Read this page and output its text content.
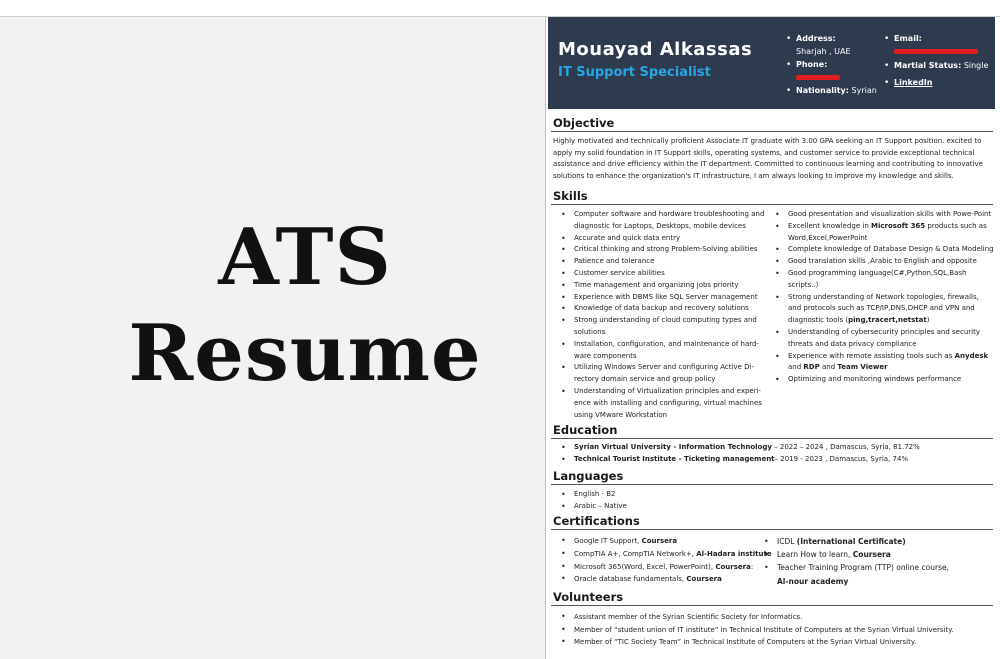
ATS
Resume
Mouayad Alkassas
IT Support Specialist
• Address:
Sharjah , UAE
• Phone:
• Nationality: Syrian
• Email:
• Martial Status: Single
• LinkedIn
Objective
Highly motivated and technically proficient Associate IT graduate with 3.00 GPA seeking an IT Support position. excited to apply my solid foundation in IT Support skills, operating systems, and customer service to provide exceptional technical assistance and drive efficiency within the IT department. Committed to continuous learning and contributing to innovative solutions to enhance the organization's IT infrastructure, I am always looking to improve my knowledge and skills.
Skills
• Computer software and hardware troubleshooting and diagnostic for Laptops, Desktops, mobile devices
• Accurate and quick data entry
• Critical thinking and strong Problem-Solving abilities
• Patience and tolerance
• Customer service abilities
• Time management and organizing jobs priority
• Experience with DBMS like SQL Server management
• Knowledge of data backup and recovery solutions
• Strong understanding of cloud computing types and solutions
• Installation, configuration, and maintenance of hard-ware components
• Utilizing Windows Server and configuring Active Di-rectory domain service and group policy
• Understanding of Virtualization principles and experi-ence with installing and configuring, virtual machines using VMware Workstation
• Good presentation and visualization skills with Powe-Point
• Excellent knowledge in Microsoft 365 products such as Word,Excel,PowerPoint
• Complete knowledge of Database Design & Data Modeling
• Good translation skills ,Arabic to English and opposite
• Good programming language(C#,Python,SQL,Bash scripts..)
• Strong understanding of Network topologies, firewalls, and protocols such as TCP/IP,DNS,DHCP and VPN and diagnostic tools (ping,tracert,netstat)
• Understanding of cybersecurity principles and security threats and data privacy compliance
• Experience with remote assisting tools such as Anydesk and RDP and Team Viewer
• Optimizing and monitoring windows performance
Education
• Syrian Virtual University - Information Technology – 2022 – 2024 , Damascus, Syria, 81.72%
• Technical Tourist Institute - Ticketing management– 2019 - 2023 , Damascus, Syria, 74%
Languages
• English - B2
• Arabic – Native
Certifications
• Google IT Support, Coursera
• CompTIA A+, CompTIA Network+, Al-Hadara institute
• Microsoft 365(Word, Excel, PowerPoint), Coursera:
• Oracle database fundamentals, Coursera
• ICDL (International Certificate)
• Learn How to learn, Coursera
• Teacher Training Program (TTP) online course, Al-nour academy
Volunteers
• Assistant member of the Syrian Scientific Society for Informatics.
• Member of “student union of IT institute” in Technical Institute of Computers at the Syrian Virtual University.
• Member of “TIC Society Team” in Technical Institute of Computers at the Syrian Virtual University.
